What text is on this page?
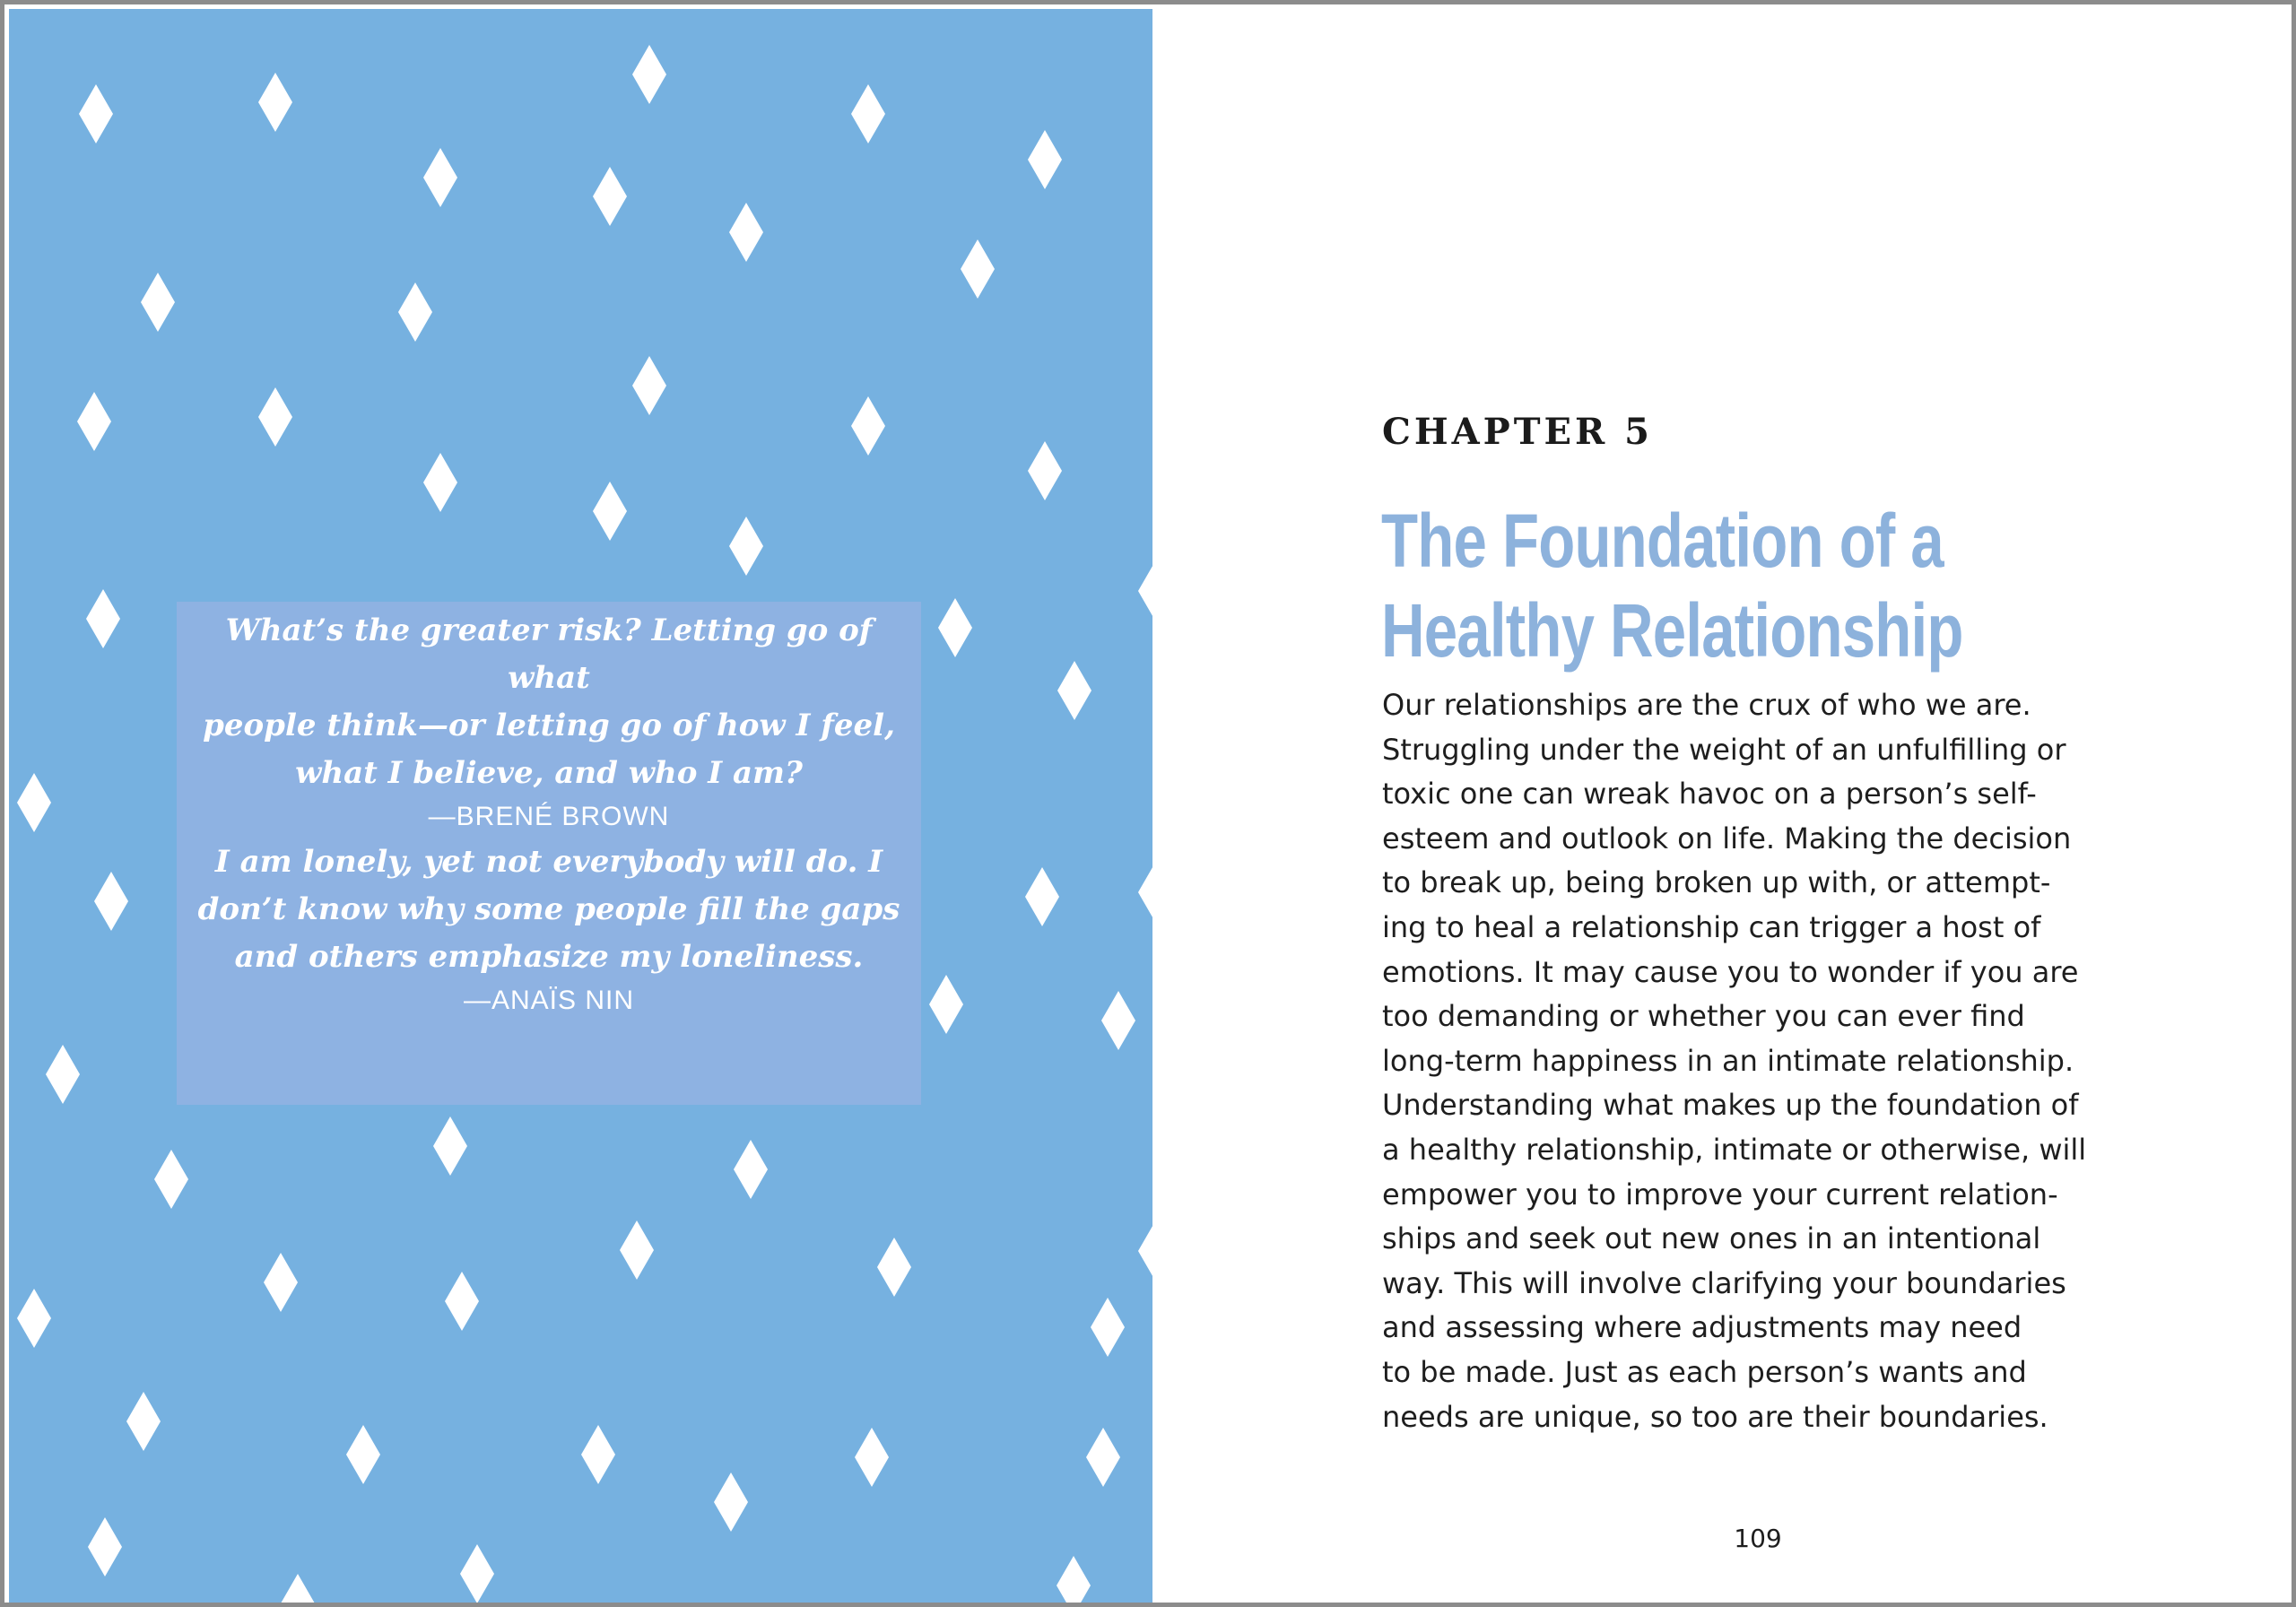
What’s the greater risk? Letting go of what
people think—or letting go of how I feel,
what I believe, and who I am?

—BRENÉ BROWN

I am lonely, yet not everybody will do. I
don’t know why some people fill the gaps
and others emphasize my loneliness.

—ANAÏS NIN
CHAPTER 5
The Foundation of a
Healthy Relationship

Our relationships are the crux of who we are.
Struggling under the weight of an unfulfilling or
toxic one can wreak havoc on a person’s self-
esteem and outlook on life. Making the decision
to break up, being broken up with, or attempt-
ing to heal a relationship can trigger a host of
emotions. It may cause you to wonder if you are
too demanding or whether you can ever find
long-term happiness in an intimate relationship.
Understanding what makes up the foundation of
a healthy relationship, intimate or otherwise, will
empower you to improve your current relation-
ships and seek out new ones in an intentional
way. This will involve clarifying your boundaries
and assessing where adjustments may need
to be made. Just as each person’s wants and
needs are unique, so too are their boundaries.

109
